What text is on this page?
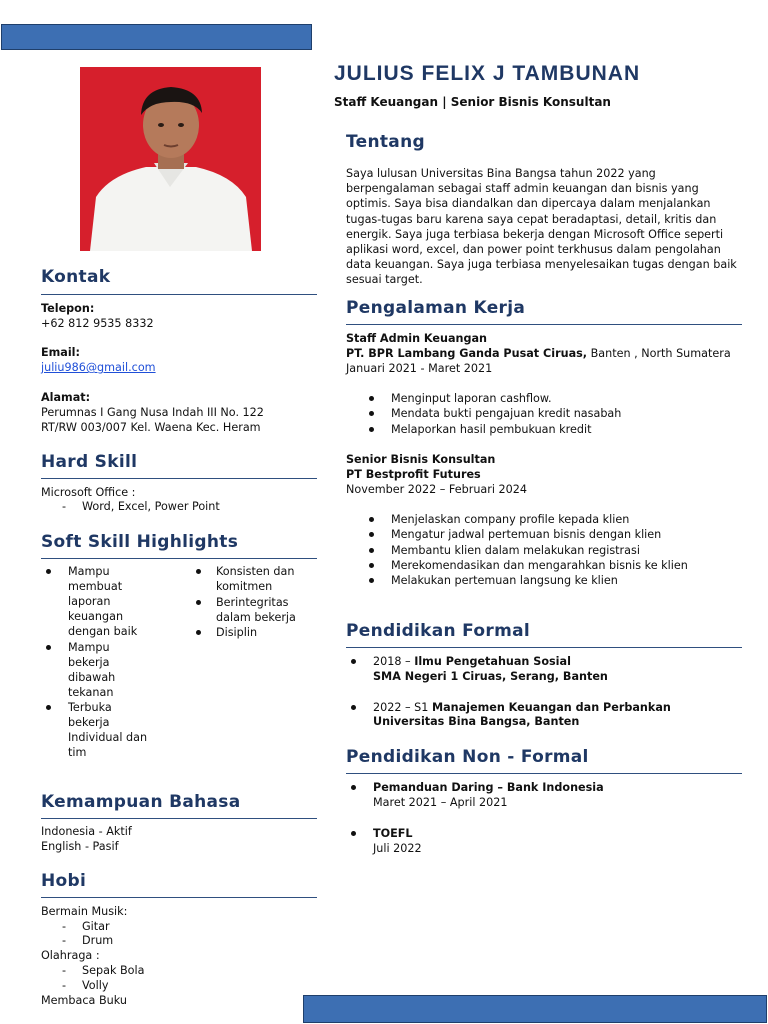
JULIUS FELIX J TAMBUNAN
Staff Keuangan | Senior Bisnis Konsultan
Kontak
Telepon:
+62 812 9535 8332
Email:
juliu986@gmail.com
Alamat:
Perumnas I Gang Nusa Indah III No. 122
RT/RW 003/007 Kel. Waena Kec. Heram
Hard Skill
Microsoft Office :
- Word, Excel, Power Point
Soft Skill Highlights
Mampu
membuat
laporan
keuangan
dengan baik
Mampu
bekerja
dibawah
tekanan
Terbuka
bekerja
Individual dan
tim
Konsisten dan
komitmen
Berintegritas
dalam bekerja
Disiplin
Kemampuan Bahasa
Indonesia - Aktif
English - Pasif
Hobi
Bermain Musik:
- Gitar
- Drum
Olahraga :
- Sepak Bola
- Volly
Membaca Buku
Tentang
Saya lulusan Universitas Bina Bangsa tahun 2022 yang berpengalaman sebagai staff admin keuangan dan bisnis yang optimis. Saya bisa diandalkan dan dipercaya dalam menjalankan tugas-tugas baru karena saya cepat beradaptasi, detail, kritis dan energik. Saya juga terbiasa bekerja dengan Microsoft Office seperti aplikasi word, excel, dan power point terkhusus dalam pengolahan data keuangan. Saya juga terbiasa menyelesaikan tugas dengan baik sesuai target.
Pengalaman Kerja
Staff Admin Keuangan
PT. BPR Lambang Ganda Pusat Ciruas, Banten , North Sumatera
Januari 2021 - Maret 2021
Menginput laporan cashflow.
Mendata bukti pengajuan kredit nasabah
Melaporkan hasil pembukuan kredit
Senior Bisnis Konsultan
PT Bestprofit Futures
November 2022 – Februari 2024
Menjelaskan company profile kepada klien
Mengatur jadwal pertemuan bisnis dengan klien
Membantu klien dalam melakukan registrasi
Merekomendasikan dan mengarahkan bisnis ke klien
Melakukan pertemuan langsung ke klien
Pendidikan Formal
2018 – Ilmu Pengetahuan Sosial
SMA Negeri 1 Ciruas, Serang, Banten
2022 – S1 Manajemen Keuangan dan Perbankan
Universitas Bina Bangsa, Banten
Pendidikan Non - Formal
Pemanduan Daring – Bank Indonesia
Maret 2021 – April 2021
TOEFL
Juli 2022
